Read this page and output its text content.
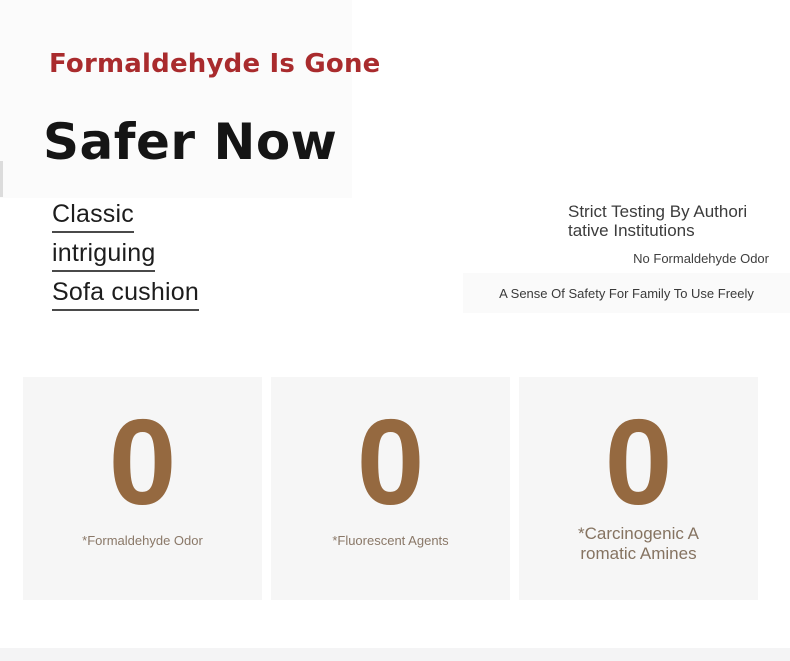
Formaldehyde Is Gone
Safer Now
Classic
intriguing
Sofa cushion
Strict Testing By Authori
tative Institutions
No Formaldehyde Odor
A Sense Of Safety For Family To Use Freely
0
*Formaldehyde Odor
0
*Fluorescent Agents
0
*Carcinogenic A
romatic Amines
